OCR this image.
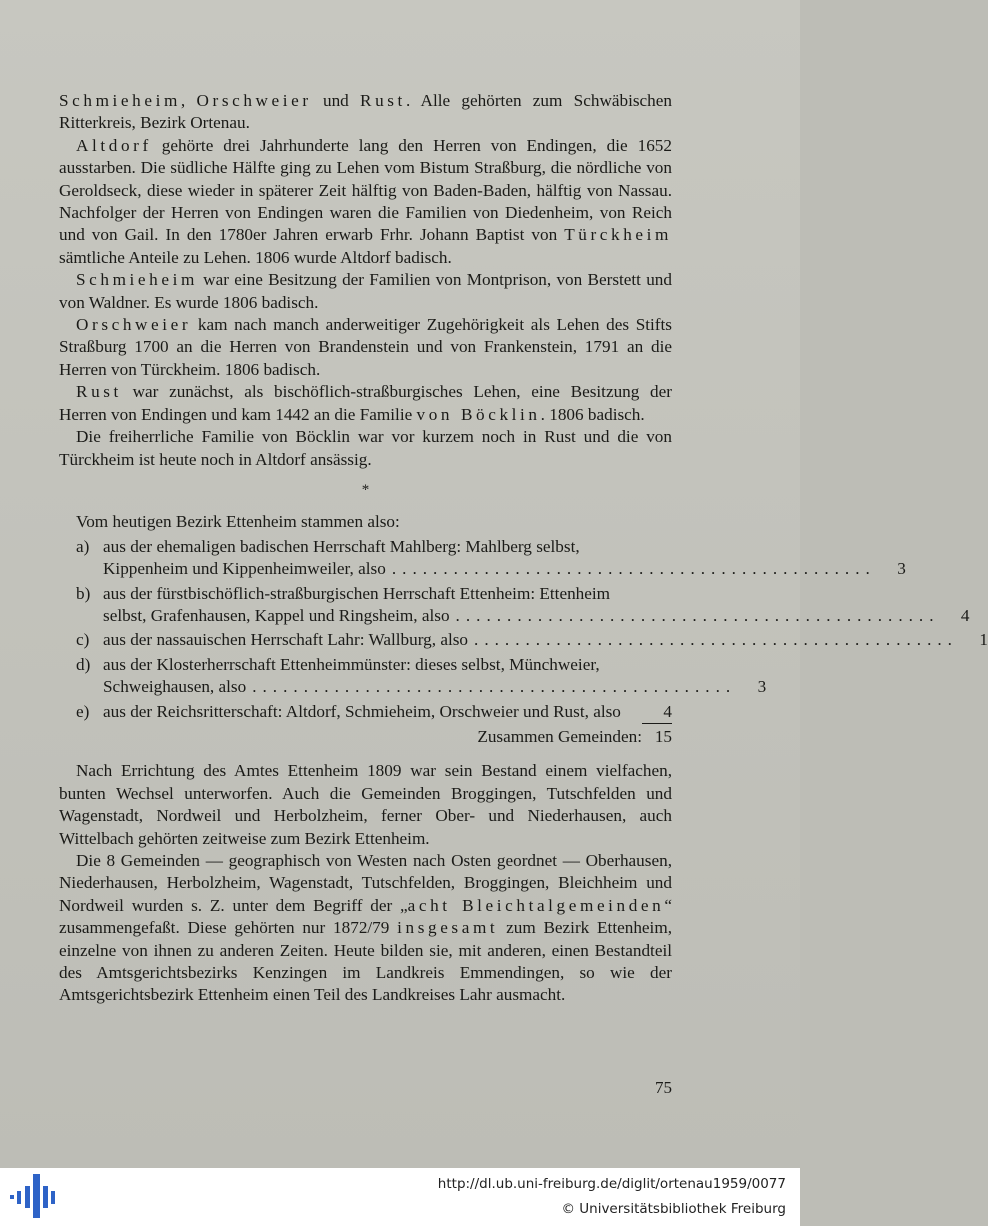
Schmieheim, Orschweier und Rust. Alle gehörten zum Schwäbischen Ritterkreis, Bezirk Ortenau.

Altdorf gehörte drei Jahrhunderte lang den Herren von Endingen, die 1652 ausstarben. Die südliche Hälfte ging zu Lehen vom Bistum Straßburg, die nördliche von Geroldseck, diese wieder in späterer Zeit hälftig von Baden-Baden, hälftig von Nassau. Nachfolger der Herren von Endingen waren die Familien von Diedenheim, von Reich und von Gail. In den 1780er Jahren erwarb Frhr. Johann Baptist von Türckheim sämtliche Anteile zu Lehen. 1806 wurde Altdorf badisch.

Schmieheim war eine Besitzung der Familien von Montprison, von Berstett und von Waldner. Es wurde 1806 badisch.

Orschweier kam nach manch anderweitiger Zugehörigkeit als Lehen des Stifts Straßburg 1700 an die Herren von Brandenstein und von Frankenstein, 1791 an die Herren von Türckheim. 1806 badisch.

Rust war zunächst, als bischöflich-straßburgisches Lehen, eine Besitzung der Herren von Endingen und kam 1442 an die Familie von Böcklin. 1806 badisch.

Die freiherrliche Familie von Böcklin war vor kurzem noch in Rust und die von Türckheim ist heute noch in Altdorf ansässig.

*

Vom heutigen Bezirk Ettenheim stammen also:

a) aus der ehemaligen badischen Herrschaft Mahlberg: Mahlberg selbst,
Kippenheim und Kippenheimweiler, also ...............................................	3
b) aus der fürstbischöflich-straßburgischen Herrschaft Ettenheim: Ettenheim
selbst, Grafenhausen, Kappel und Ringsheim, also ...............................................	4
c) aus der nassauischen Herrschaft Lahr: Wallburg, also ...............................................	1
d) aus der Klosterherrschaft Ettenheimmünster: dieses selbst, Münchweier,
Schweighausen, also ...............................................	3
e) aus der Reichsritterschaft: Altdorf, Schmieheim, Orschweier und Rust, also	4
Zusammen Gemeinden: 15

Nach Errichtung des Amtes Ettenheim 1809 war sein Bestand einem vielfachen, bunten Wechsel unterworfen. Auch die Gemeinden Broggingen, Tutschfelden und Wagenstadt, Nordweil und Herbolzheim, ferner Ober- und Niederhausen, auch Wittelbach gehörten zeitweise zum Bezirk Ettenheim.

Die 8 Gemeinden — geographisch von Westen nach Osten geordnet — Oberhausen, Niederhausen, Herbolzheim, Wagenstadt, Tutschfelden, Broggingen, Bleichheim und Nordweil wurden s. Z. unter dem Begriff der „acht Bleichtalgemeinden“ zusammengefaßt. Diese gehörten nur 1872/79 insgesamt zum Bezirk Ettenheim, einzelne von ihnen zu anderen Zeiten. Heute bilden sie, mit anderen, einen Bestandteil des Amtsgerichtsbezirks Kenzingen im Landkreis Emmendingen, so wie der Amtsgerichtsbezirk Ettenheim einen Teil des Landkreises Lahr ausmacht.

75
http://dl.ub.uni-freiburg.de/diglit/ortenau1959/0077
© Universitätsbibliothek Freiburg
